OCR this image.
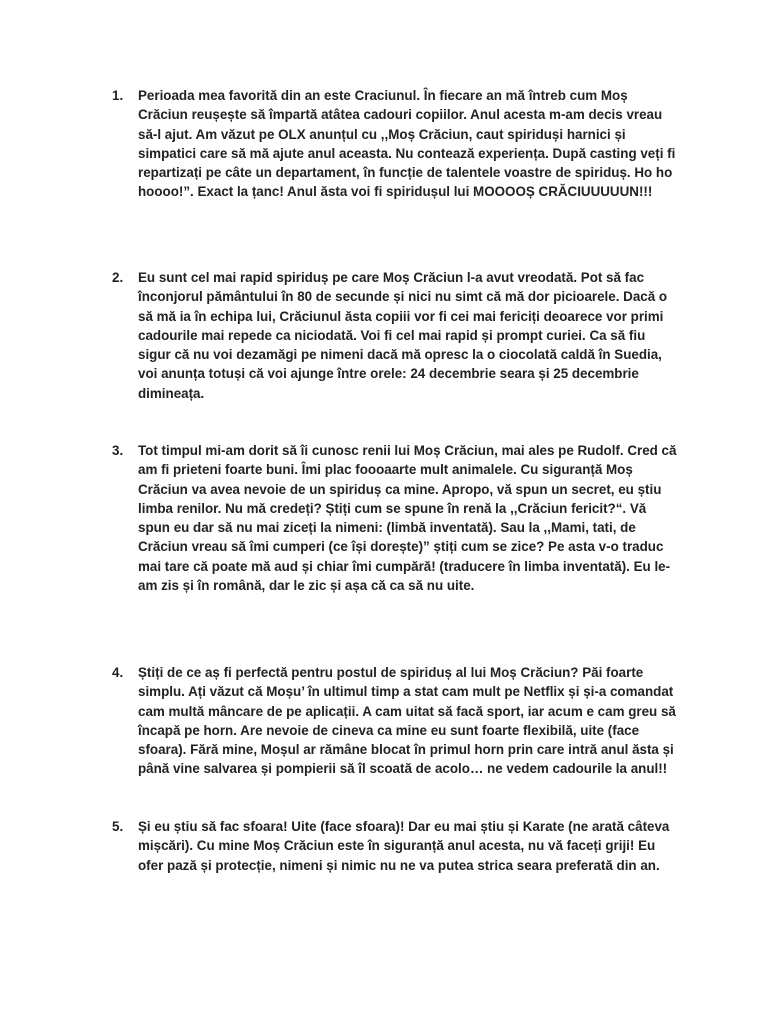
1.	Perioada mea favorită din an este Craciunul. În fiecare an mă întreb cum Moș Crăciun reușește să împartă atâtea cadouri copiilor. Anul acesta m-am decis vreau să-l ajut. Am văzut pe OLX anunțul cu ,,Moș Crăciun, caut spiriduși harnici și simpatici care să mă ajute anul aceasta. Nu contează experiența. După casting veți fi repartizați pe câte un departament, în funcție de talentele voastre de spiriduș. Ho ho hoooo!”. Exact la țanc! Anul ăsta voi fi spiridușul lui MOOOOȘ CRĂCIUUUUUN!!!
2.	Eu sunt cel mai rapid spiriduș pe care Moș Crăciun l-a avut vreodată. Pot să fac înconjorul pământului în 80 de secunde și nici nu simt că mă dor picioarele. Dacă o să mă ia în echipa lui, Crăciunul ăsta copiii vor fi cei mai fericiți deoarece vor primi cadourile mai repede ca niciodată. Voi fi cel mai rapid și prompt curiei. Ca să fiu sigur că nu voi dezamăgi pe nimeni dacă mă opresc la o ciocolată caldă în Suedia, voi anunța totuși că voi ajunge între orele: 24 decembrie seara și 25 decembrie dimineața.
3.	Tot timpul mi-am dorit să îi cunosc renii lui Moș Crăciun, mai ales pe Rudolf. Cred că am fi prieteni foarte buni. Îmi plac foooaarte mult animalele. Cu siguranță Moș Crăciun va avea nevoie de un spiriduș ca mine. Apropo, vă spun un secret, eu știu limba renilor. Nu mă credeți? Știți cum se spune în renă la ,,Crăciun fericit?“. Vă spun eu dar să nu mai ziceți la nimeni: (limbă inventată). Sau la ,,Mami, tati, de Crăciun vreau să îmi cumperi (ce își dorește)” știți cum se zice? Pe asta v-o traduc mai tare că poate mă aud și chiar îmi cumpără! (traducere în limba inventată). Eu le-am zis și în română, dar le zic și așa că ca să nu uite.
4.	Știți de ce aș fi perfectă pentru postul de spiriduș al lui Moș Crăciun? Păi foarte simplu. Ați văzut că Moșu’ în ultimul timp a stat cam mult pe Netflix și și-a comandat cam multă mâncare de pe aplicații. A cam uitat să facă sport, iar acum e cam greu să încapă pe horn. Are nevoie de cineva ca mine eu sunt foarte flexibilă, uite (face sfoara). Fără mine, Moșul ar rămâne blocat în primul horn prin care intră anul ăsta și până vine salvarea și pompierii să îl scoată de acolo… ne vedem cadourile la anul!!
5.	Și eu știu să fac sfoara! Uite (face sfoara)! Dar eu mai știu și Karate (ne arată câteva mișcări). Cu mine Moș Crăciun este în siguranță anul acesta, nu vă faceți griji! Eu ofer pază și protecție, nimeni și nimic nu ne va putea strica seara preferată din an.
